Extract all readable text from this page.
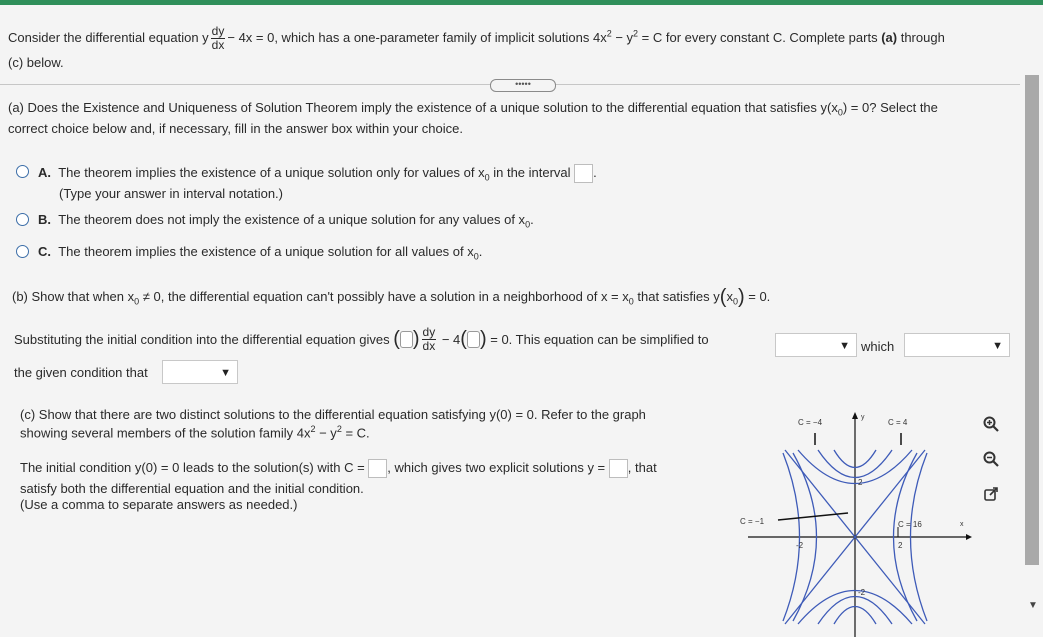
Consider the differential equation y $\frac{dy}{dx} - 4x = 0$, which has a one-parameter family of implicit solutions $4x^2 - y^2 = C$ for every constant C. Complete parts (a) through
(c) below.
•••••
(a) Does the Existence and Uniqueness of Solution Theorem imply the existence of a unique solution to the differential equation that satisfies $y(x_0) = 0$? Select the
correct choice below and, if necessary, fill in the answer box within your choice.
A. The theorem implies the existence of a unique solution only for values of $x_0$ in the interval .
(Type your answer in interval notation.)
B. The theorem does not imply the existence of a unique solution for any values of $x_0$.
C. The theorem implies the existence of a unique solution for all values of $x_0$.
(b) Show that when $x_0 \ne 0$, the differential equation can't possibly have a solution in a neighborhood of $x = x_0$ that satisfies $y(x_0) = 0$.
Substituting the initial condition into the differential equation gives ( ) $\frac{dy}{dx} - 4$( ) = 0. This equation can be simplified to	▼ which	▼
the given condition that	▼
(c) Show that there are two distinct solutions to the differential equation satisfying y(0) = 0. Refer to the graph
showing several members of the solution family $4x^2 - y^2 = C$.
The initial condition y(0) = 0 leads to the solution(s) with C = , which gives two explicit solutions y = , that
satisfy both the differential equation and the initial condition.
(Use a comma to separate answers as needed.)
C = −4	C = 4
C = −1	C = 16
y
x
-2	2
2
-2
▼
